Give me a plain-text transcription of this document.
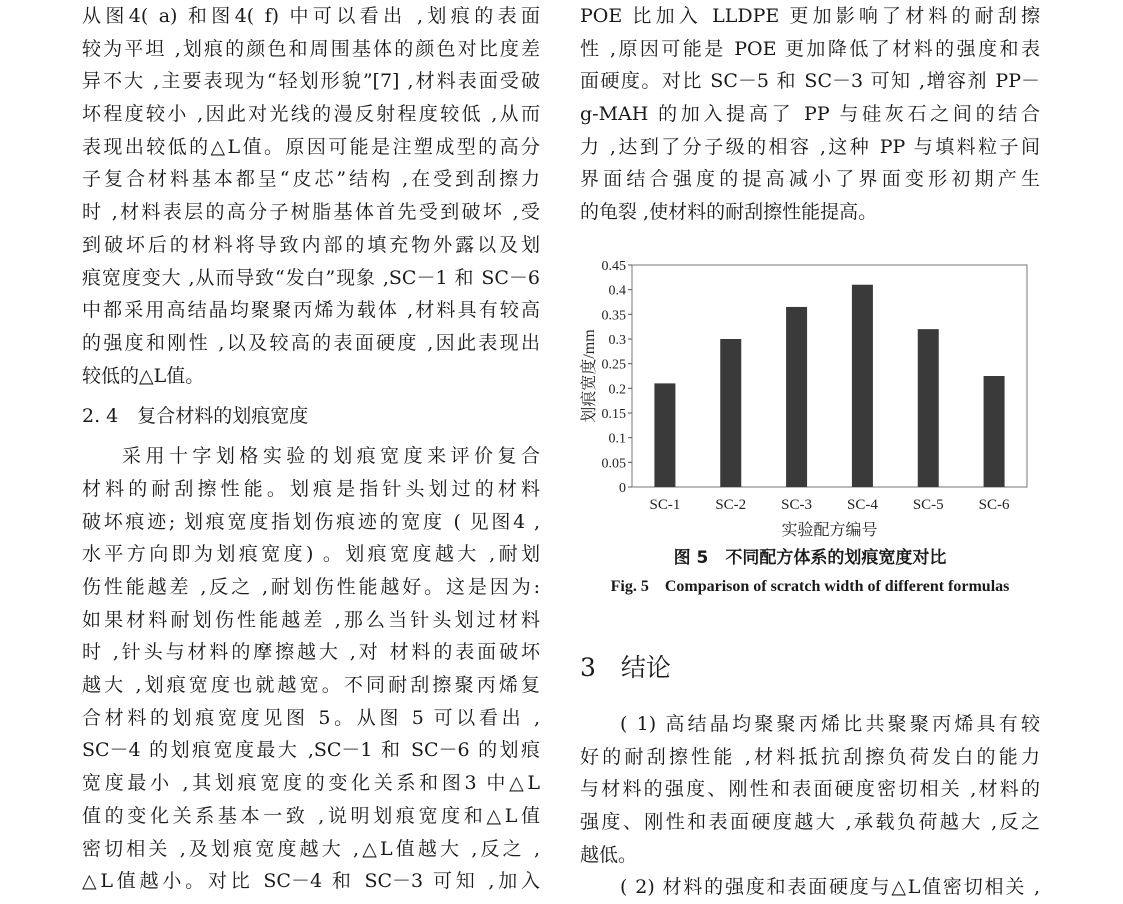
从图4( a) 和图4( f) 中可以看出 ,划痕的表面
较为平坦 ,划痕的颜色和周围基体的颜色对比度差
异不大 ,主要表现为“轻划形貌”[7] ,材料表面受破
坏程度较小 ,因此对光线的漫反射程度较低 ,从而
表现出较低的△L值。原因可能是注塑成型的高分
子复合材料基本都呈“皮芯”结构 ,在受到刮擦力
时 ,材料表层的高分子树脂基体首先受到破坏 ,受
到破坏后的材料将导致内部的填充物外露以及划
痕宽度变大 ,从而导致“发白”现象 ,SC－1 和 SC－6
中都采用高结晶均聚聚丙烯为载体 ,材料具有较高
的强度和刚性 ,以及较高的表面硬度 ,因此表现出
较低的△L值。
2. 4　复合材料的划痕宽度
采用十字划格实验的划痕宽度来评价复合
材料的耐刮擦性能。划痕是指针头划过的材料
破坏痕迹; 划痕宽度指划伤痕迹的宽度 ( 见图4 ,
水平方向即为划痕宽度) 。划痕宽度越大 ,耐划
伤性能越差 ,反之 ,耐划伤性能越好。这是因为:
如果材料耐划伤性能越差 ,那么当针头划过材料
时 ,针头与材料的摩擦越大 ,对 材料的表面破坏
越大 ,划痕宽度也就越宽。不同耐刮擦聚丙烯复
合材料的划痕宽度见图 5。从图 5 可以看出 ,
SC－4 的划痕宽度最大 ,SC－1 和 SC－6 的划痕
宽度最小 ,其划痕宽度的变化关系和图3 中△L
值的变化关系基本一致 ,说明划痕宽度和△L值
密切相关 ,及划痕宽度越大 ,△L值越大 ,反之 ,
△L值越小。对比 SC－4 和 SC－3 可知 ,加入
POE 比加入 LLDPE 更加影响了材料的耐刮擦
性 ,原因可能是 POE 更加降低了材料的强度和表
面硬度。对比 SC－5 和 SC－3 可知 ,增容剂 PP－
g-MAH 的加入提高了 PP 与硅灰石之间的结合
力 ,达到了分子级的相容 ,这种 PP 与填料粒子间
界面结合强度的提高减小了界面变形初期产生
的龟裂 ,使材料的耐刮擦性能提高。
0
0.05
0.1
0.15
0.2
0.25
0.3
0.35
0.4
0.45
SC-1 SC-2 SC-3 SC-4 SC-5 SC-6
实验配方编号
划痕宽度/mm
图 5　不同配方体系的划痕宽度对比
Fig. 5　Comparison of scratch width of different formulas
3　结论
( 1) 高结晶均聚聚丙烯比共聚聚丙烯具有较
好的耐刮擦性能 ,材料抵抗刮擦负荷发白的能力
与材料的强度、刚性和表面硬度密切相关 ,材料的
强度、刚性和表面硬度越大 ,承载负荷越大 ,反之
越低。
( 2) 材料的强度和表面硬度与△L值密切相关 ,
